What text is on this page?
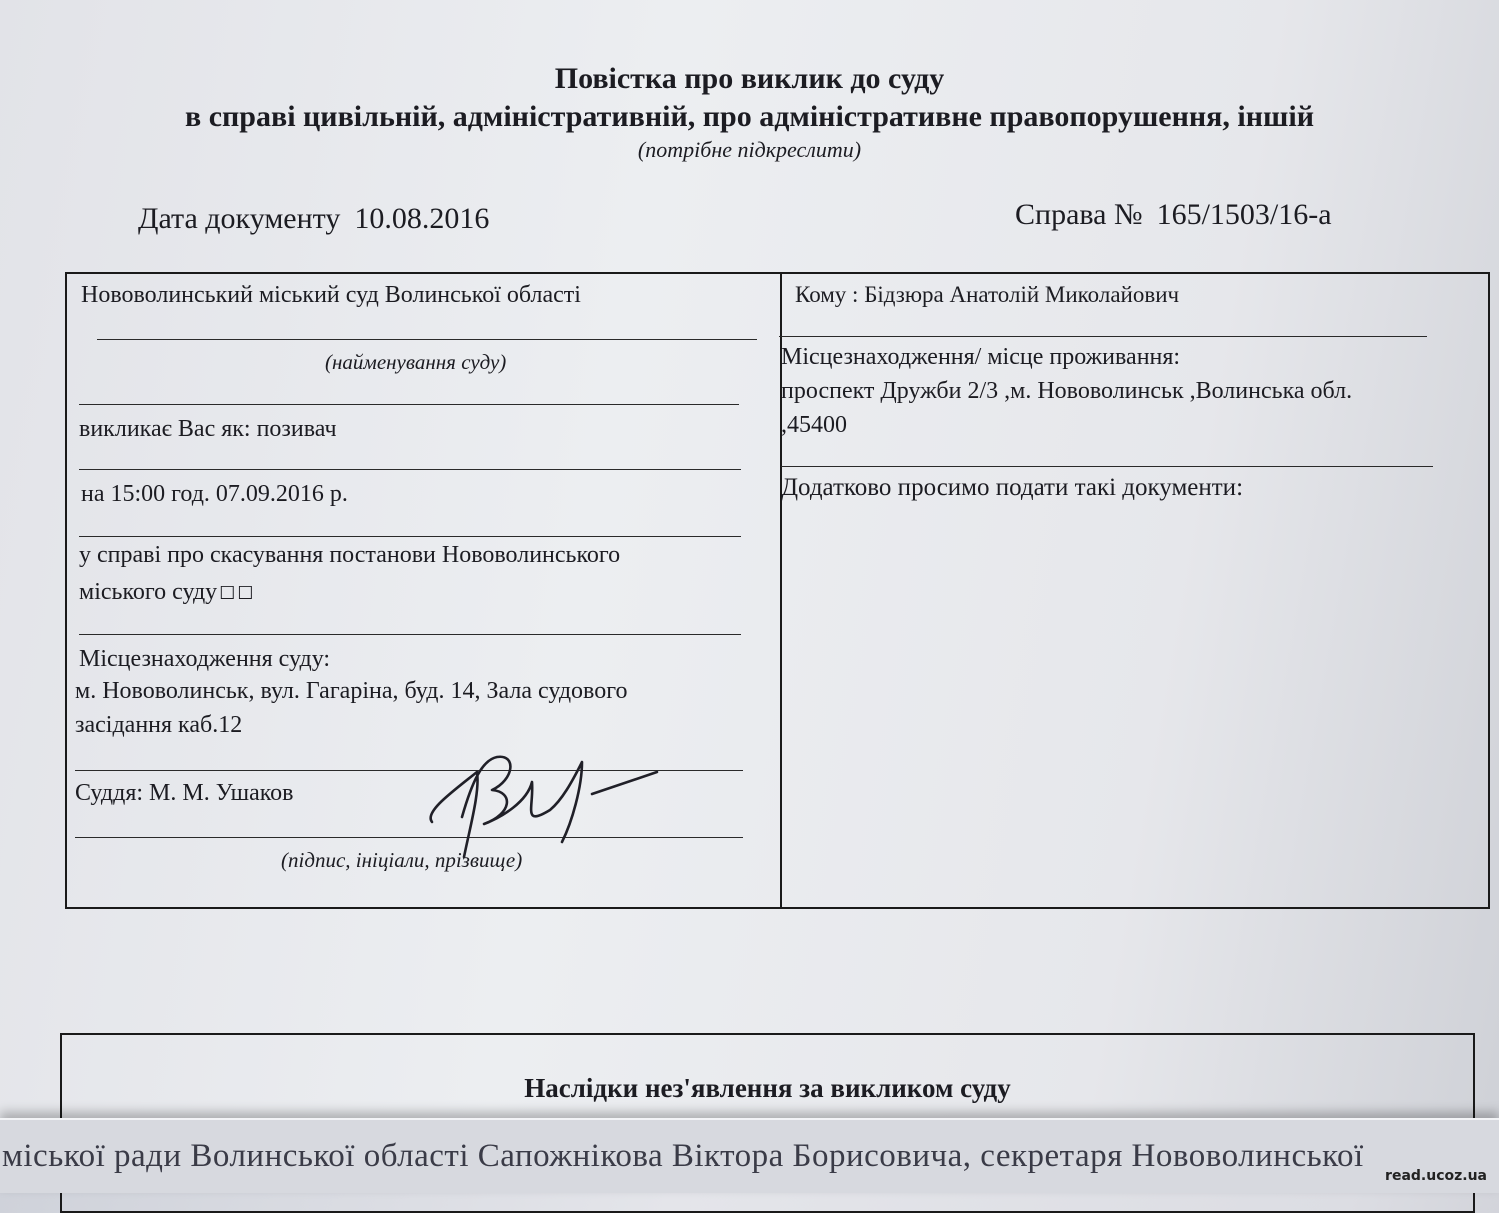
Повістка про виклик до суду
в справі цивільній, адміністративній, про адміністративне правопорушення, іншій
(потрібне підкреслити)
Дата документу 10.08.2016	Справа № 165/1503/16-а
Нововолинський міський суд Волинської області
(найменування суду)
викликає Вас як: позивач
на 15:00 год. 07.09.2016 р.
у справі про скасування постанови Нововолинського
міського суду ☐☐
Місцезнаходження суду:
м. Нововолинськ, вул. Гагаріна, буд. 14, Зала судового
засідання каб.12
Суддя: М. М. Ушаков
(підпис, ініціали, прізвище)
Кому : Бідзюра Анатолій Миколайович
Місцезнаходження/ місце проживання:
проспект Дружби 2/3 ,м. Нововолинськ ,Волинська обл.
,45400
Додатково просимо подати такі документи:
Наслідки нез'явлення за викликом суду
міської ради Волинської області Сапожнікова Віктора Борисовича, секретаря Нововолинської
read.ucoz.ua
